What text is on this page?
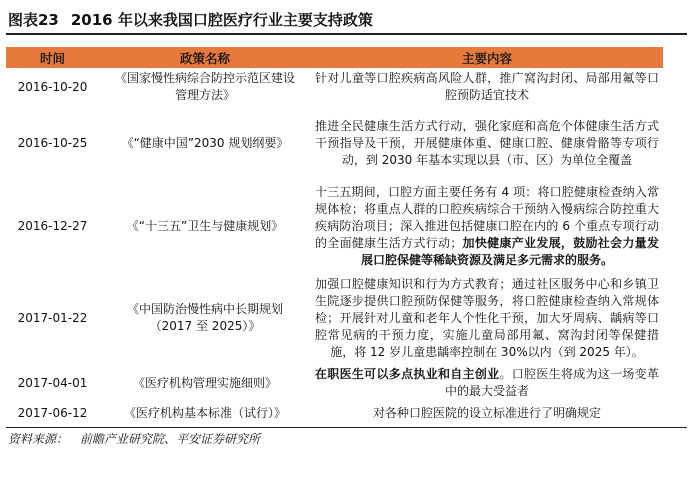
图表23 2016 年以来我国口腔医疗行业主要支持政策
时间	政策名称	主要内容
2016-10-20	《国家慢性病综合防控示范区建设管理方法》	针对儿童等口腔疾病高风险人群，推广窝沟封闭、局部用氟等口腔预防适宜技术
2016-10-25	《“健康中国”2030 规划纲要》	推进全民健康生活方式行动，强化家庭和高危个体健康生活方式干预指导及干预，开展健康体重、健康口腔、健康骨骼等专项行动，到 2030 年基本实现以县（市、区）为单位全覆盖
2016-12-27	《“十三五”卫生与健康规划》	十三五期间，口腔方面主要任务有 4 项：将口腔健康检查纳入常规体检；将重点人群的口腔疾病综合干预纳入慢病综合防控重大疾病防治项目；深入推进包括健康口腔在内的 6 个重点专项行动的全面健康生活方式行动；加快健康产业发展，鼓励社会力量发展口腔保健等稀缺资源及满足多元需求的服务。
2017-01-22	《中国防治慢性病中长期规划（2017 至 2025）》	加强口腔健康知识和行为方式教育；通过社区服务中心和乡镇卫生院逐步提供口腔预防保健等服务，将口腔健康检查纳入常规体检；开展针对儿童和老年人个性化干预，加大牙周病、龋病等口腔常见病的干预力度，实施儿童局部用氟、窝沟封闭等保健措施，将 12 岁儿童患龋率控制在 30%以内（到 2025 年）。
2017-04-01	《医疗机构管理实施细则》	在职医生可以多点执业和自主创业。口腔医生将成为这一场变革中的最大受益者
2017-06-12	《医疗机构基本标准（试行）》	对各种口腔医院的设立标准进行了明确规定
资料来源： 前瞻产业研究院、平安证券研究所
